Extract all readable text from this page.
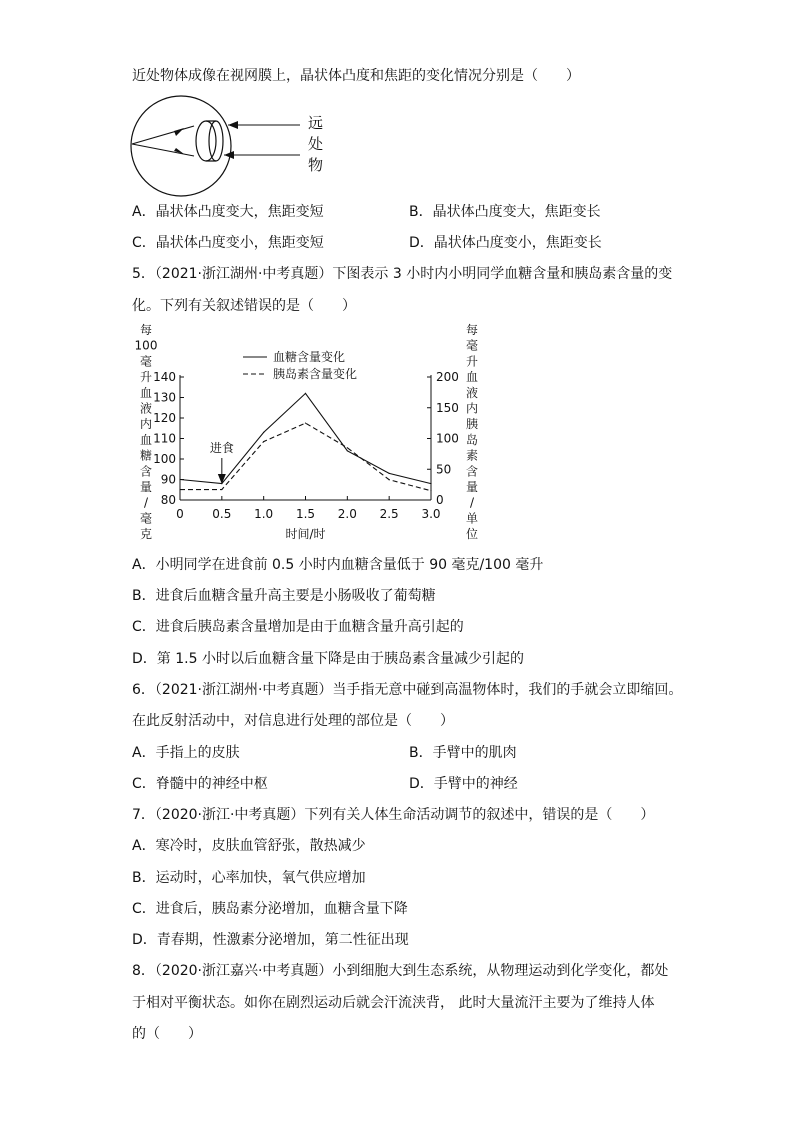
近处物体成像在视网膜上，晶状体凸度和焦距的变化情况分别是（　　）
远
处
物
A．晶状体凸度变大，焦距变短	B．晶状体凸度变大，焦距变长
C．晶状体凸度变小，焦距变短	D．晶状体凸度变小，焦距变长
5．（2021·浙江湖州·中考真题）下图表示 3 小时内小明同学血糖含量和胰岛素含量的变
化。下列有关叙述错误的是（　　）
80
90
100
110
120
130
140
0
50
100
150
200
0 0.5 1.0 1.5 2.0 2.5 3.0
时间/时
每
100
毫
升
血
液
内
血
糖
含
量
/
毫
克
每
毫
升
血
液
内
胰
岛
素
含
量
/
单
位
血糖含量变化
胰岛素含量变化
进食
A．小明同学在进食前 0.5 小时内血糖含量低于 90 毫克/100 毫升
B．进食后血糖含量升高主要是小肠吸收了葡萄糖
C．进食后胰岛素含量增加是由于血糖含量升高引起的
D．第 1.5 小时以后血糖含量下降是由于胰岛素含量减少引起的
6．（2021·浙江湖州·中考真题）当手指无意中碰到高温物体时，我们的手就会立即缩回。
在此反射活动中，对信息进行处理的部位是（　　）
A．手指上的皮肤	B．手臂中的肌肉
C．脊髓中的神经中枢	D．手臂中的神经
7．（2020·浙江·中考真题）下列有关人体生命活动调节的叙述中，错误的是（　　）
A．寒冷时，皮肤血管舒张，散热减少
B．运动时，心率加快，氧气供应增加
C．进食后，胰岛素分泌增加，血糖含量下降
D．青春期，性激素分泌增加，第二性征出现
8．（2020·浙江嘉兴·中考真题）小到细胞大到生态系统，从物理运动到化学变化，都处
于相对平衡状态。如你在剧烈运动后就会汗流浃背， 此时大量流汗主要为了维持人体
的（　　）
